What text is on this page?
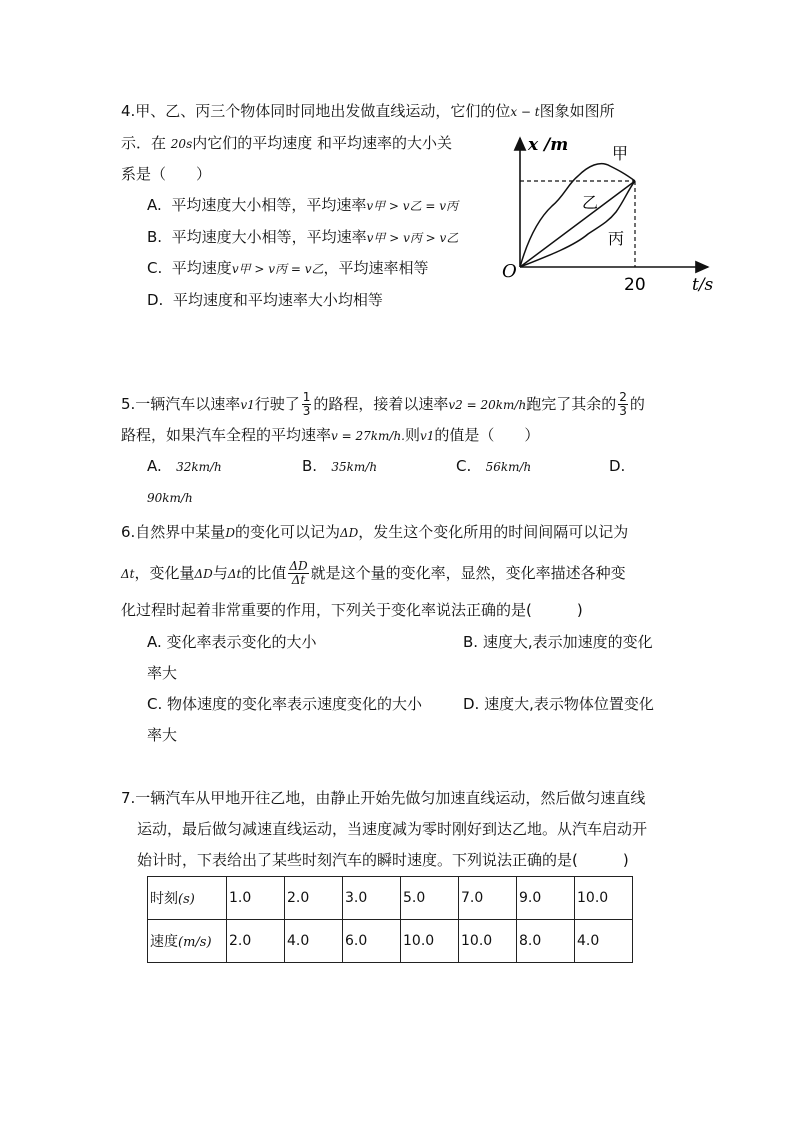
4.甲、乙、丙三个物体同时同地出发做直线运动，它们的位x − t图象如图所
示．在 20s内它们的平均速度 和平均速率的大小关
系是（　　）
A. 平均速度大小相等，平均速率v甲 > v乙 = v丙
B. 平均速度大小相等，平均速率v甲 > v丙 > v乙
C. 平均速度v甲 > v丙 = v乙，平均速率相等
D. 平均速度和平均速率大小均相等
x /m
t/s
O
20
甲
乙
丙
5.一辆汽车以速率v1行驶了 $\frac{1}{3}$ 的路程，接着以速率v2 = 20km/h跑完了其余的 $\frac{2}{3}$ 的
路程，如果汽车全程的平均速率v = 27km/h.则v1的值是（　　）
A. 32km/h	B. 35km/h	C. 56km/h	D.
90km/h
6.自然界中某量D的变化可以记为ΔD，发生这个变化所用的时间间隔可以记为
Δt，变化量ΔD与Δt的比值 $\frac{\Delta D}{\Delta t}$ 就是这个量的变化率，显然，变化率描述各种变
化过程时起着非常重要的作用，下列关于变化率说法正确的是(　　　)
A. 变化率表示变化的大小	B. 速度大,表示加速度的变化
率大
C. 物体速度的变化率表示速度变化的大小	D. 速度大,表示物体位置变化
率大
7.一辆汽车从甲地开往乙地，由静止开始先做匀加速直线运动，然后做匀速直线
运动，最后做匀减速直线运动，当速度减为零时刚好到达乙地。从汽车启动开
始计时，下表给出了某些时刻汽车的瞬时速度。下列说法正确的是(　　　)
时刻(s)	1.0	2.0	3.0	5.0	7.0	9.0	10.0
速度(m/s)	2.0	4.0	6.0	10.0	10.0	8.0	4.0
